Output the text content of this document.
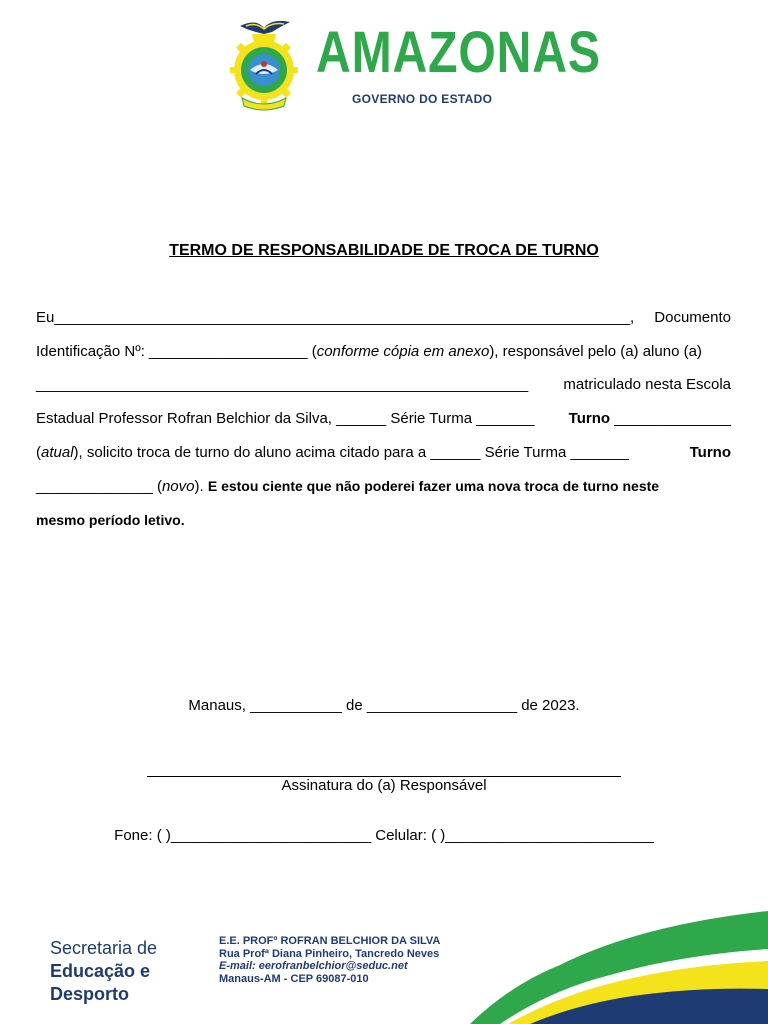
AMAZONAS
GOVERNO DO ESTADO
TERMO DE RESPONSABILIDADE DE TROCA DE TURNO
Eu_____________________________________________________________________, Documento
Identificação Nº: ___________________ (conforme cópia em anexo), responsável pelo (a) aluno (a)
___________________________________________________________ matriculado nesta Escola
Estadual Professor Rofran Belchior da Silva, ______ Série Turma _______ Turno ______________
(atual), solicito troca de turno do aluno acima citado para a ______ Série Turma _______	Turno
______________ (novo). E estou ciente que não poderei fazer uma nova troca de turno neste
mesmo período letivo.
Manaus, ___________ de __________________ de 2023.
Assinatura do (a) Responsável
Fone: ( )________________________ Celular: ( )_________________________
Secretaria de
Educação e
Desporto
E.E. PROFº ROFRAN BELCHIOR DA SILVA
Rua Profª Diana Pinheiro, Tancredo Neves
E-mail: eerofranbelchior@seduc.net
Manaus-AM - CEP 69087-010
